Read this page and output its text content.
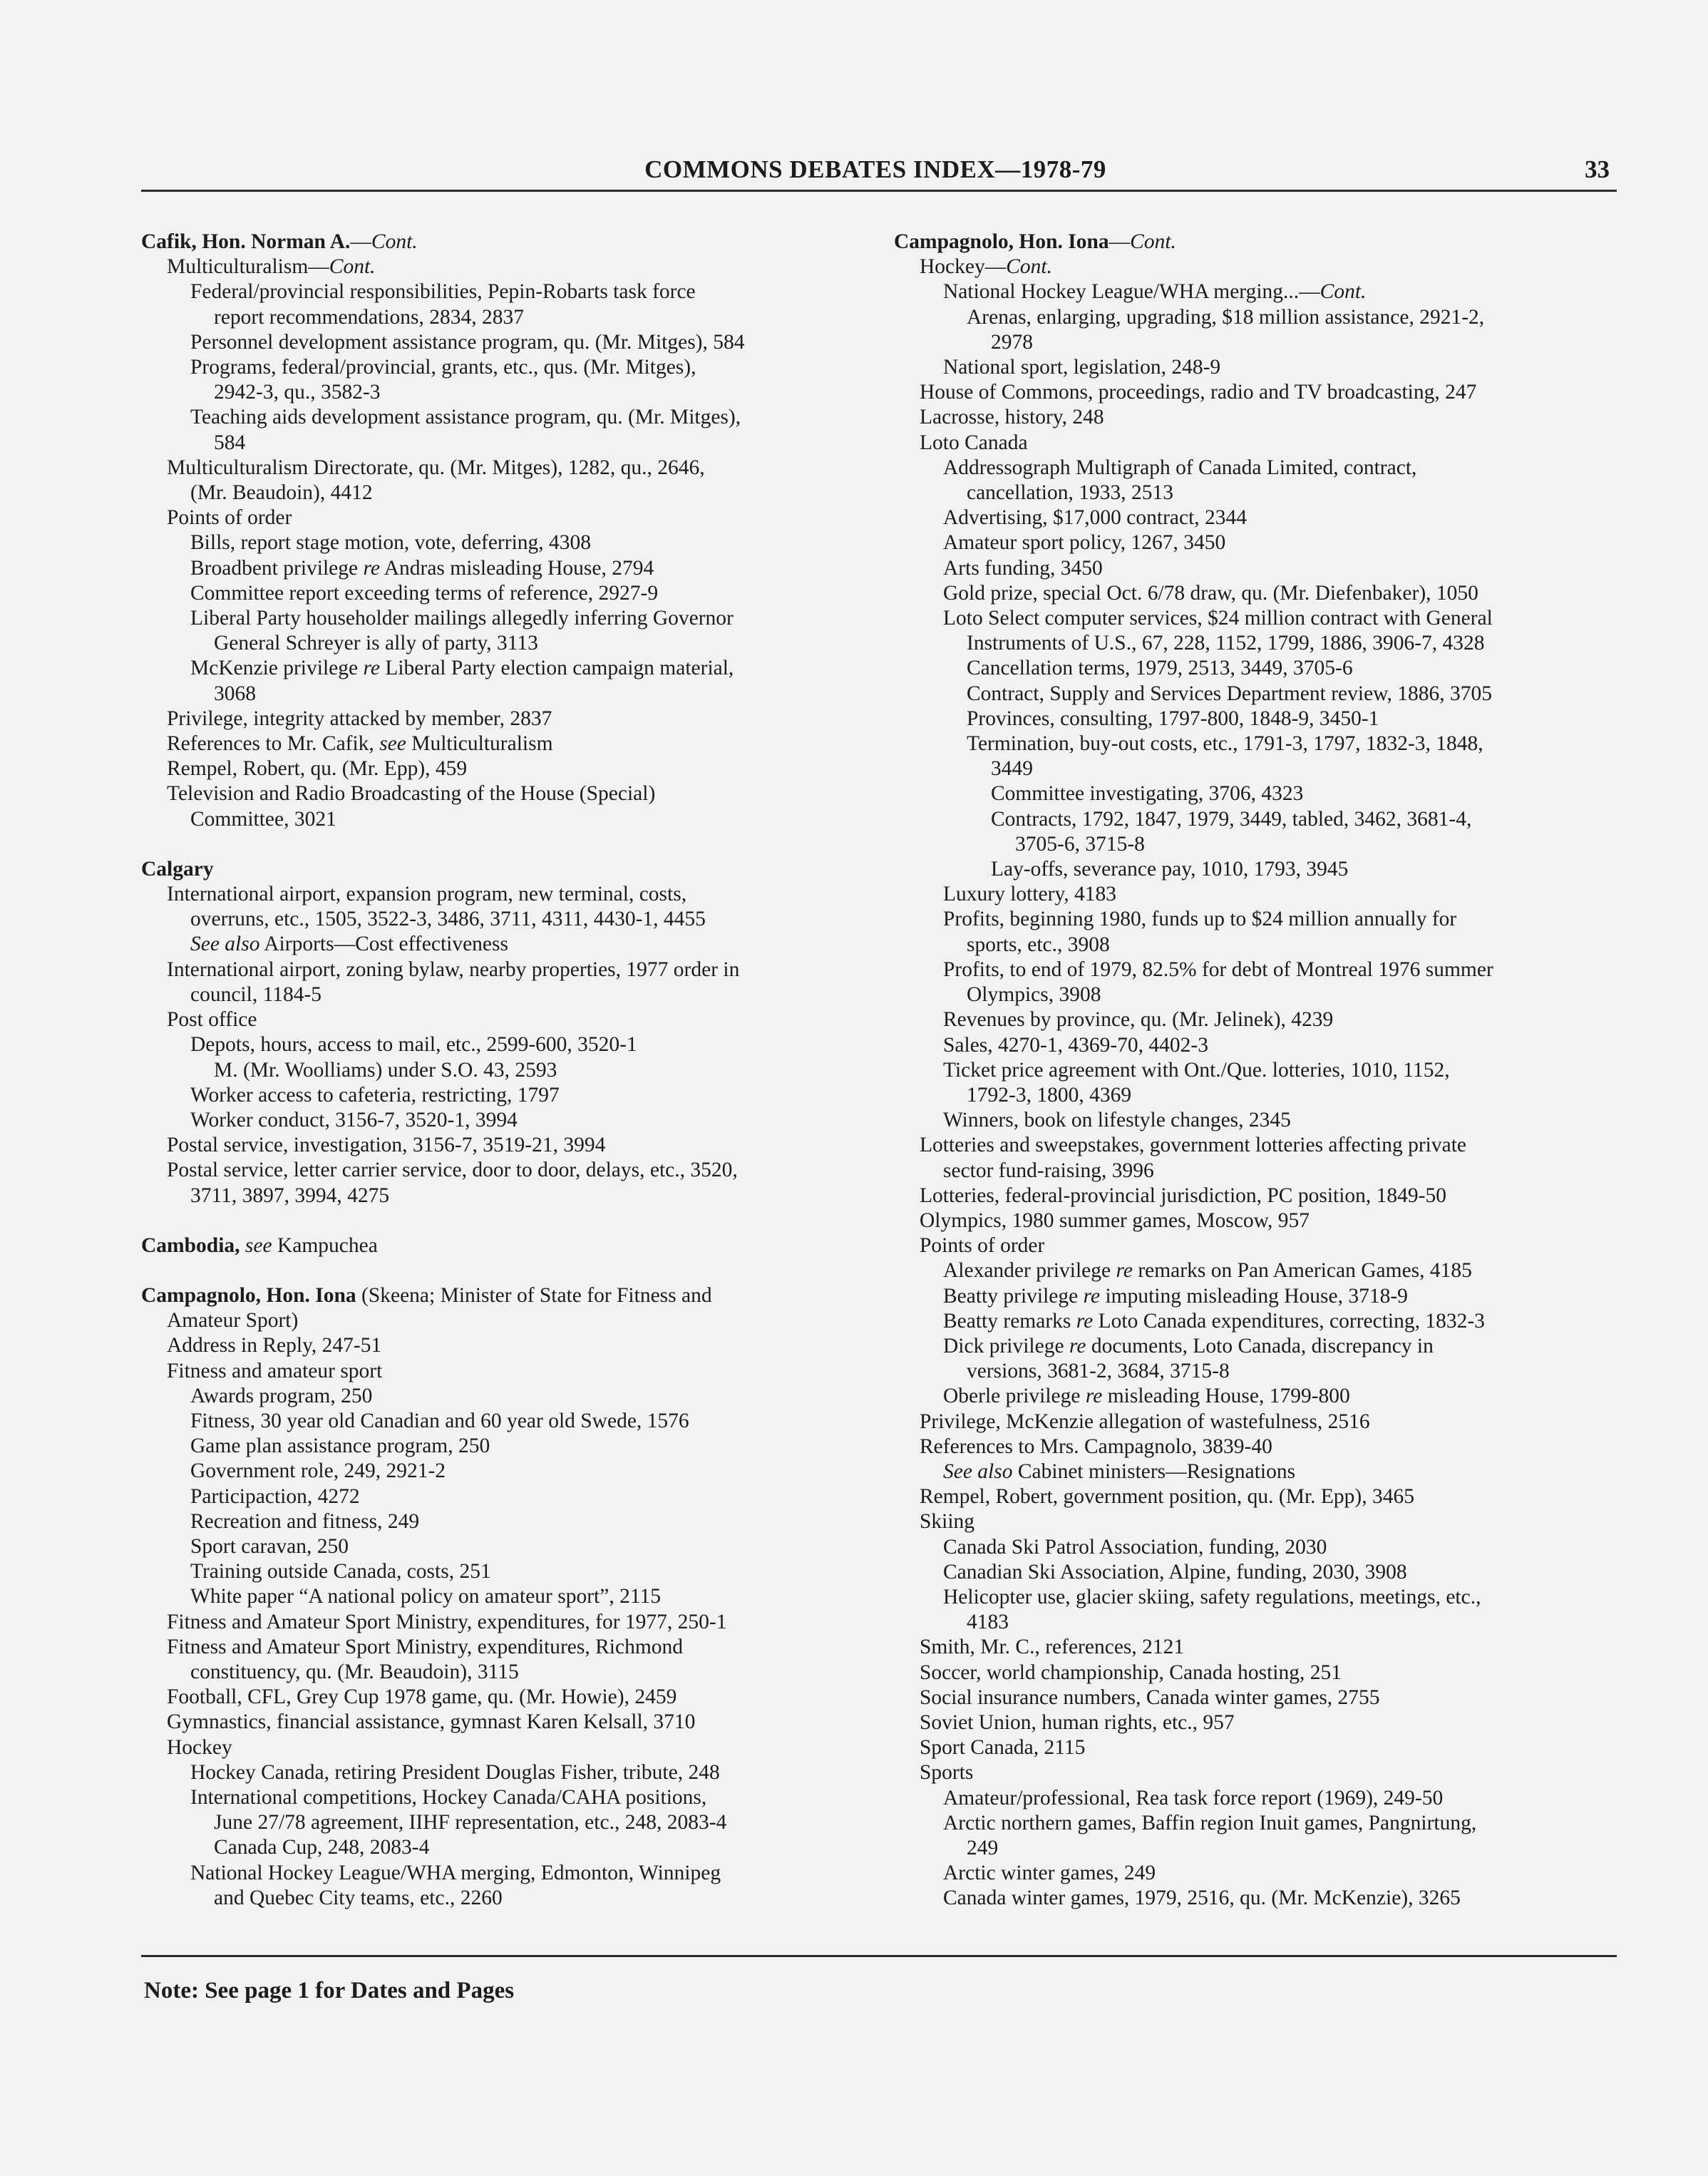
COMMONS DEBATES INDEX—1978-79	33
Cafik, Hon. Norman A.—Cont.
Multiculturalism—Cont.
Federal/provincial responsibilities, Pepin-Robarts task force
report recommendations, 2834, 2837
Personnel development assistance program, qu. (Mr. Mitges), 584
Programs, federal/provincial, grants, etc., qus. (Mr. Mitges),
2942-3, qu., 3582-3
Teaching aids development assistance program, qu. (Mr. Mitges),
584
Multiculturalism Directorate, qu. (Mr. Mitges), 1282, qu., 2646,
(Mr. Beaudoin), 4412
Points of order
Bills, report stage motion, vote, deferring, 4308
Broadbent privilege re Andras misleading House, 2794
Committee report exceeding terms of reference, 2927-9
Liberal Party householder mailings allegedly inferring Governor
General Schreyer is ally of party, 3113
McKenzie privilege re Liberal Party election campaign material,
3068
Privilege, integrity attacked by member, 2837
References to Mr. Cafik, see Multiculturalism
Rempel, Robert, qu. (Mr. Epp), 459
Television and Radio Broadcasting of the House (Special)
Committee, 3021
Calgary
International airport, expansion program, new terminal, costs,
overruns, etc., 1505, 3522-3, 3486, 3711, 4311, 4430-1, 4455
See also Airports—Cost effectiveness
International airport, zoning bylaw, nearby properties, 1977 order in
council, 1184-5
Post office
Depots, hours, access to mail, etc., 2599-600, 3520-1
M. (Mr. Woolliams) under S.O. 43, 2593
Worker access to cafeteria, restricting, 1797
Worker conduct, 3156-7, 3520-1, 3994
Postal service, investigation, 3156-7, 3519-21, 3994
Postal service, letter carrier service, door to door, delays, etc., 3520,
3711, 3897, 3994, 4275
Cambodia, see Kampuchea
Campagnolo, Hon. Iona (Skeena; Minister of State for Fitness and
Amateur Sport)
Address in Reply, 247-51
Fitness and amateur sport
Awards program, 250
Fitness, 30 year old Canadian and 60 year old Swede, 1576
Game plan assistance program, 250
Government role, 249, 2921-2
Participaction, 4272
Recreation and fitness, 249
Sport caravan, 250
Training outside Canada, costs, 251
White paper “A national policy on amateur sport”, 2115
Fitness and Amateur Sport Ministry, expenditures, for 1977, 250-1
Fitness and Amateur Sport Ministry, expenditures, Richmond
constituency, qu. (Mr. Beaudoin), 3115
Football, CFL, Grey Cup 1978 game, qu. (Mr. Howie), 2459
Gymnastics, financial assistance, gymnast Karen Kelsall, 3710
Hockey
Hockey Canada, retiring President Douglas Fisher, tribute, 248
International competitions, Hockey Canada/CAHA positions,
June 27/78 agreement, IIHF representation, etc., 248, 2083-4
Canada Cup, 248, 2083-4
National Hockey League/WHA merging, Edmonton, Winnipeg
and Quebec City teams, etc., 2260
Campagnolo, Hon. Iona—Cont.
Hockey—Cont.
National Hockey League/WHA merging...—Cont.
Arenas, enlarging, upgrading, $18 million assistance, 2921-2,
2978
National sport, legislation, 248-9
House of Commons, proceedings, radio and TV broadcasting, 247
Lacrosse, history, 248
Loto Canada
Addressograph Multigraph of Canada Limited, contract,
cancellation, 1933, 2513
Advertising, $17,000 contract, 2344
Amateur sport policy, 1267, 3450
Arts funding, 3450
Gold prize, special Oct. 6/78 draw, qu. (Mr. Diefenbaker), 1050
Loto Select computer services, $24 million contract with General
Instruments of U.S., 67, 228, 1152, 1799, 1886, 3906-7, 4328
Cancellation terms, 1979, 2513, 3449, 3705-6
Contract, Supply and Services Department review, 1886, 3705
Provinces, consulting, 1797-800, 1848-9, 3450-1
Termination, buy-out costs, etc., 1791-3, 1797, 1832-3, 1848,
3449
Committee investigating, 3706, 4323
Contracts, 1792, 1847, 1979, 3449, tabled, 3462, 3681-4,
3705-6, 3715-8
Lay-offs, severance pay, 1010, 1793, 3945
Luxury lottery, 4183
Profits, beginning 1980, funds up to $24 million annually for
sports, etc., 3908
Profits, to end of 1979, 82.5% for debt of Montreal 1976 summer
Olympics, 3908
Revenues by province, qu. (Mr. Jelinek), 4239
Sales, 4270-1, 4369-70, 4402-3
Ticket price agreement with Ont./Que. lotteries, 1010, 1152,
1792-3, 1800, 4369
Winners, book on lifestyle changes, 2345
Lotteries and sweepstakes, government lotteries affecting private
sector fund-raising, 3996
Lotteries, federal-provincial jurisdiction, PC position, 1849-50
Olympics, 1980 summer games, Moscow, 957
Points of order
Alexander privilege re remarks on Pan American Games, 4185
Beatty privilege re imputing misleading House, 3718-9
Beatty remarks re Loto Canada expenditures, correcting, 1832-3
Dick privilege re documents, Loto Canada, discrepancy in
versions, 3681-2, 3684, 3715-8
Oberle privilege re misleading House, 1799-800
Privilege, McKenzie allegation of wastefulness, 2516
References to Mrs. Campagnolo, 3839-40
See also Cabinet ministers—Resignations
Rempel, Robert, government position, qu. (Mr. Epp), 3465
Skiing
Canada Ski Patrol Association, funding, 2030
Canadian Ski Association, Alpine, funding, 2030, 3908
Helicopter use, glacier skiing, safety regulations, meetings, etc.,
4183
Smith, Mr. C., references, 2121
Soccer, world championship, Canada hosting, 251
Social insurance numbers, Canada winter games, 2755
Soviet Union, human rights, etc., 957
Sport Canada, 2115
Sports
Amateur/professional, Rea task force report (1969), 249-50
Arctic northern games, Baffin region Inuit games, Pangnirtung,
249
Arctic winter games, 249
Canada winter games, 1979, 2516, qu. (Mr. McKenzie), 3265
Note: See page 1 for Dates and Pages
